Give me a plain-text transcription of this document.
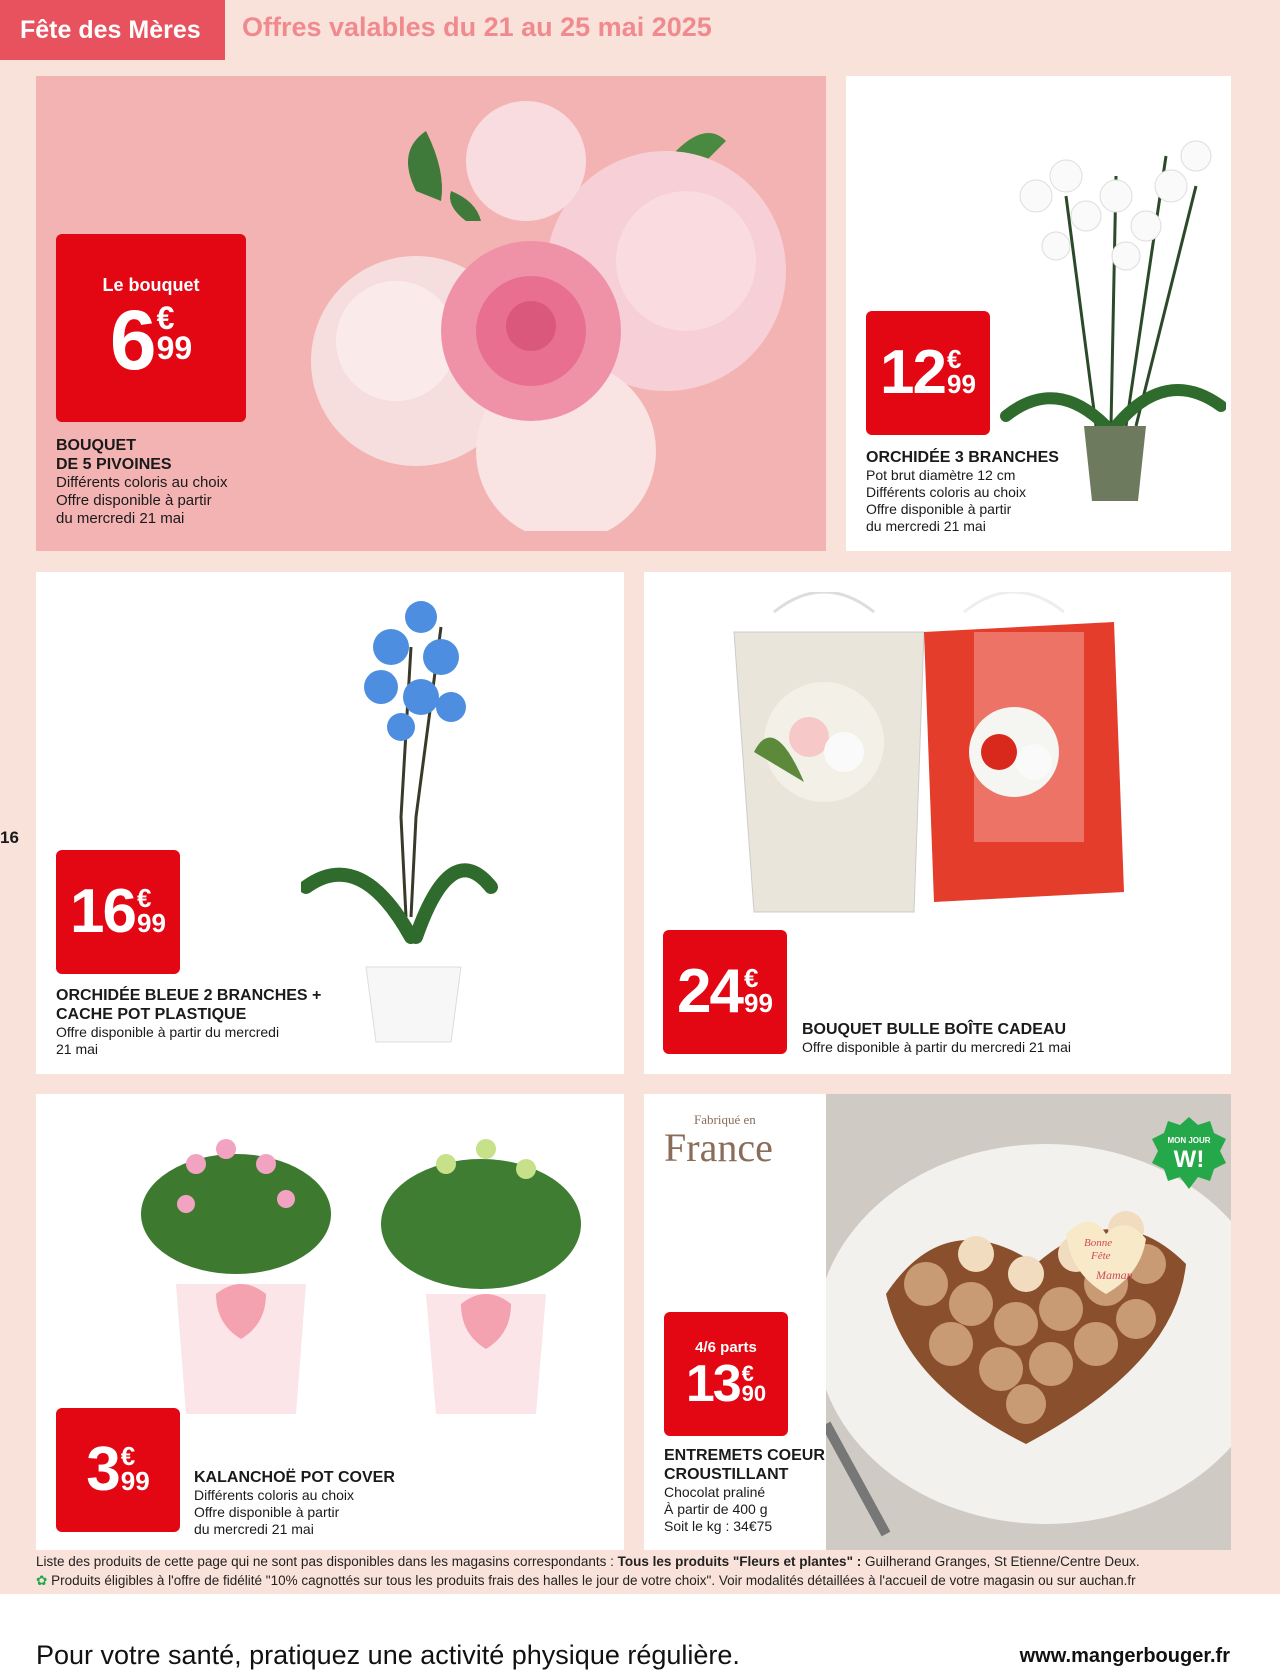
Fête des Mères	Offres valables du 21 au 25 mai 2025
16
Le bouquet
6 €
99

BOUQUET

DE 5 PIVOINES

Différents coloris au choix

Offre disponible à partir

du mercredi 21 mai

12 €
99

ORCHIDÉE 3 BRANCHES

Pot brut diamètre 12 cm

Différents coloris au choix

Offre disponible à partir

du mercredi 21 mai

16 €
99

ORCHIDÉE BLEUE 2 BRANCHES +

CACHE POT PLASTIQUE

Offre disponible à partir du mercredi

21 mai

24 €
99

BOUQUET BULLE BOÎTE CADEAU

Offre disponible à partir du mercredi 21 mai

3 €
99	KALANCHOË POT COVER

Différents coloris au choix

Offre disponible à partir

du mercredi 21 mai

Bonne
Fête
Maman
4/6 parts
13 €
90

ENTREMETS COEUR

CROUSTILLANT

Chocolat praliné

À partir de 400 g

Soit le kg : 34€75

Fabriqué en
France	MON JOUR
W!
Liste des produits de cette page qui ne sont pas disponibles dans les magasins correspondants : Tous les produits "Fleurs et plantes" : Guilherand Granges, St Etienne/Centre Deux.
✿ Produits éligibles à l'offre de fidélité "10% cagnottés sur tous les produits frais des halles le jour de votre choix". Voir modalités détaillées à l'accueil de votre magasin ou sur auchan.fr
Pour votre santé, pratiquez une activité physique régulière.	www.mangerbouger.fr
